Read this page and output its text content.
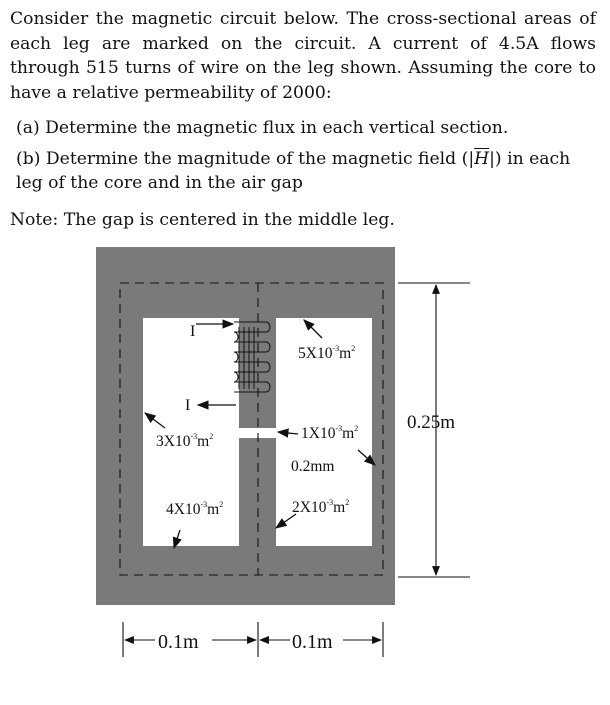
Consider the magnetic circuit below. The cross-sectional areas of each leg are marked on the circuit. A current of 4.5A flows through 515 turns of wire on the leg shown. Assuming the core to have a relative permeability of 2000:

(a) Determine the magnetic flux in each vertical section.

(b) Determine the magnitude of the magnetic field $(|\overline{H}|)$ in each leg of the core and in the air gap

Note: The gap is centered in the middle leg.

I
I
$5X10^{-3}m^2$
$3X10^{-3}m^2$	$1X10^{-3}m^2$
0.2mm
$4X10^{-3}m^2$	$2X10^{-3}m^2$
0.25m
0.1m	0.1m
